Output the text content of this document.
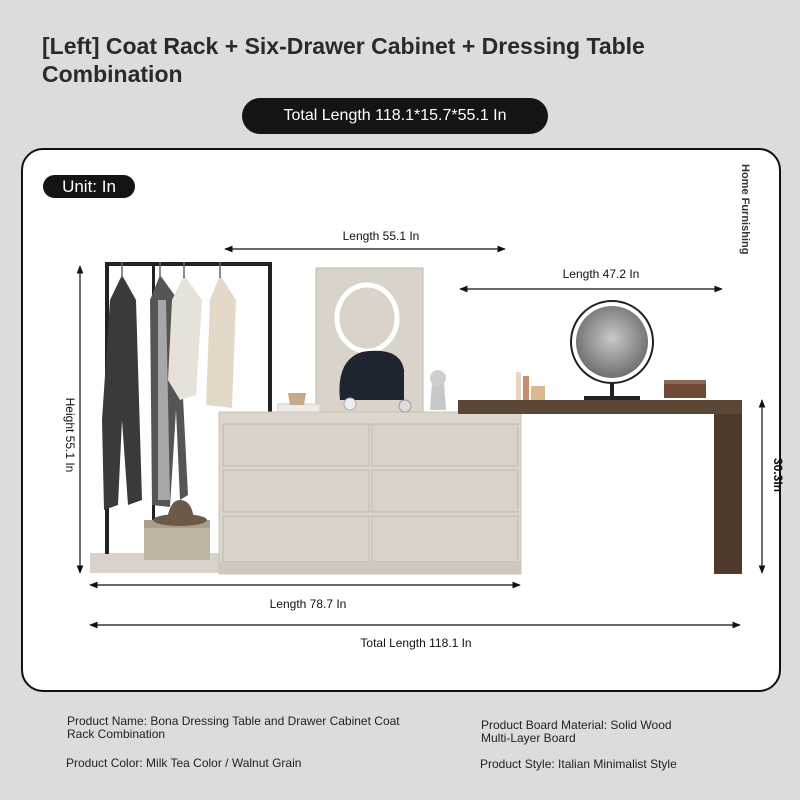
[Left] Coat Rack + Six-Drawer Cabinet + Dressing Table Combination
Total Length 118.1*15.7*55.1 In
Unit: In
Length 55.1 In
Length 47.2 In
Height 55.1 In
30.3In
Length 78.7 In
Total Length 118.1 In
Home Furnishing
Product Name: Bona Dressing Table and Drawer Cabinet Coat Rack Combination
Product Color: Milk Tea Color / Walnut Grain
Product Board Material: Solid Wood Multi-Layer Board
Product Style: Italian Minimalist Style
